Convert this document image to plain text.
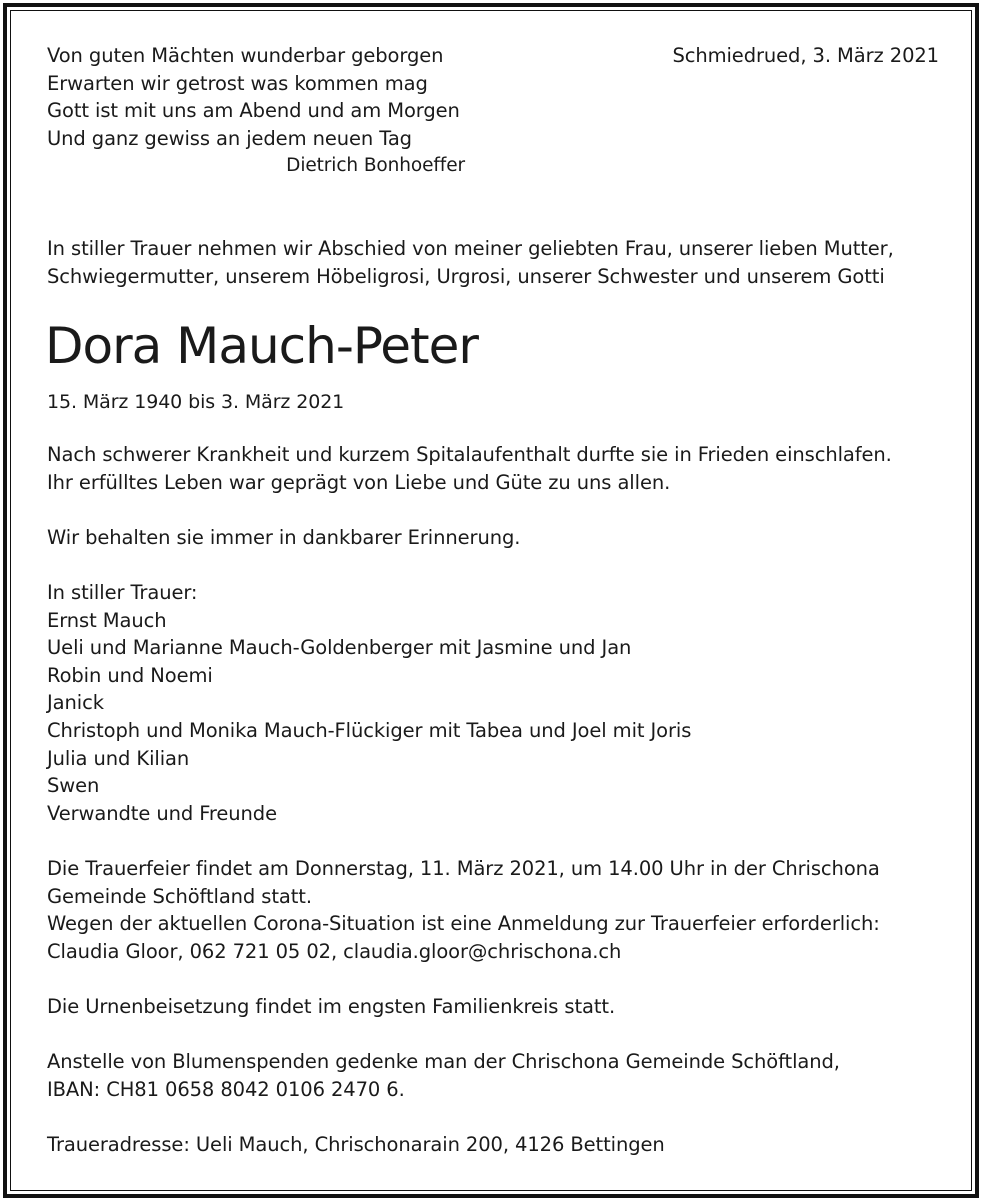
Von guten Mächten wunderbar geborgen
Erwarten wir getrost was kommen mag
Gott ist mit uns am Abend und am Morgen
Und ganz gewiss an jedem neuen Tag
Dietrich Bonhoeffer
Schmiedrued, 3. März 2021
In stiller Trauer nehmen wir Abschied von meiner geliebten Frau, unserer lieben Mutter,
Schwiegermutter, unserem Höbeligrosi, Urgrosi, unserer Schwester und unserem Gotti
Dora Mauch-Peter
15. März 1940 bis 3. März 2021
Nach schwerer Krankheit und kurzem Spitalaufenthalt durfte sie in Frieden einschlafen.
Ihr erfülltes Leben war geprägt von Liebe und Güte zu uns allen.
Wir behalten sie immer in dankbarer Erinnerung.
In stiller Trauer:
Ernst Mauch
Ueli und Marianne Mauch-Goldenberger mit Jasmine und Jan
Robin und Noemi
Janick
Christoph und Monika Mauch-Flückiger mit Tabea und Joel mit Joris
Julia und Kilian
Swen
Verwandte und Freunde
Die Trauerfeier findet am Donnerstag, 11. März 2021, um 14.00 Uhr in der Chrischona
Gemeinde Schöftland statt.
Wegen der aktuellen Corona-Situation ist eine Anmeldung zur Trauerfeier erforderlich:
Claudia Gloor, 062 721 05 02, claudia.gloor@chrischona.ch
Die Urnenbeisetzung findet im engsten Familienkreis statt.
Anstelle von Blumenspenden gedenke man der Chrischona Gemeinde Schöftland,
IBAN: CH81 0658 8042 0106 2470 6.
Traueradresse: Ueli Mauch, Chrischonarain 200, 4126 Bettingen
